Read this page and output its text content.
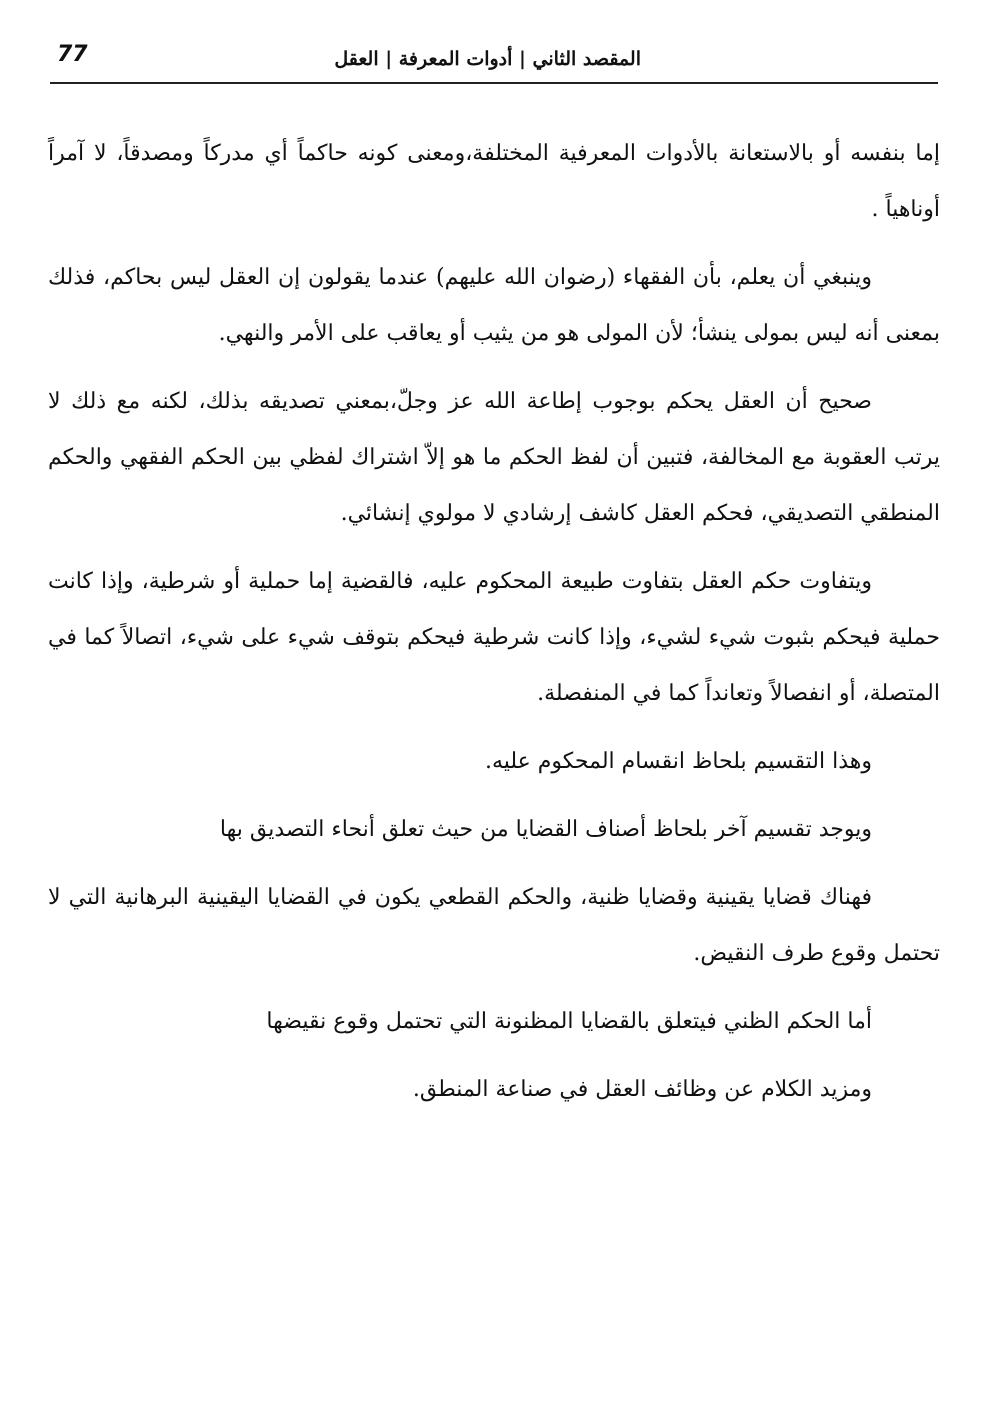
77	المقصد الثاني | أدوات المعرفة | العقل

إما بنفسه أو بالاستعانة بالأدوات المعرفية المختلفة،ومعنى كونه حاكماً أي مدركاً ومصدقاً، لا آمراً أوناهياً .

وينبغي أن يعلم، بأن الفقهاء (رضوان الله عليهم) عندما يقولون إن العقل ليس بحاكم، فذلك بمعنى أنه ليس بمولى ينشأ؛ لأن المولى هو من يثيب أو يعاقب على الأمر والنهي.

صحيح أن العقل يحكم بوجوب إطاعة الله عز وجلّ،بمعني تصديقه بذلك، لكنه مع ذلك لا يرتب العقوبة مع المخالفة، فتبين أن لفظ الحكم ما هو إلاّ اشتراك لفظي بين الحكم الفقهي والحكم المنطقي التصديقي، فحكم العقل كاشف إرشادي لا مولوي إنشائي.

ويتفاوت حكم العقل بتفاوت طبيعة المحكوم عليه، فالقضية إما حملية أو شرطية، وإذا كانت حملية فيحكم بثبوت شيء لشيء، وإذا كانت شرطية فيحكم بتوقف شيء على شيء، اتصالاً كما في المتصلة، أو انفصالاً وتعانداً كما في المنفصلة.

وهذا التقسيم بلحاظ انقسام المحكوم عليه.

ويوجد تقسيم آخر بلحاظ أصناف القضايا من حيث تعلق أنحاء التصديق بها

فهناك قضايا يقينية وقضايا ظنية، والحكم القطعي يكون في القضايا اليقينية البرهانية التي لا تحتمل وقوع طرف النقيض.

أما الحكم الظني فيتعلق بالقضايا المظنونة التي تحتمل وقوع نقيضها

ومزيد الكلام عن وظائف العقل في صناعة المنطق.
